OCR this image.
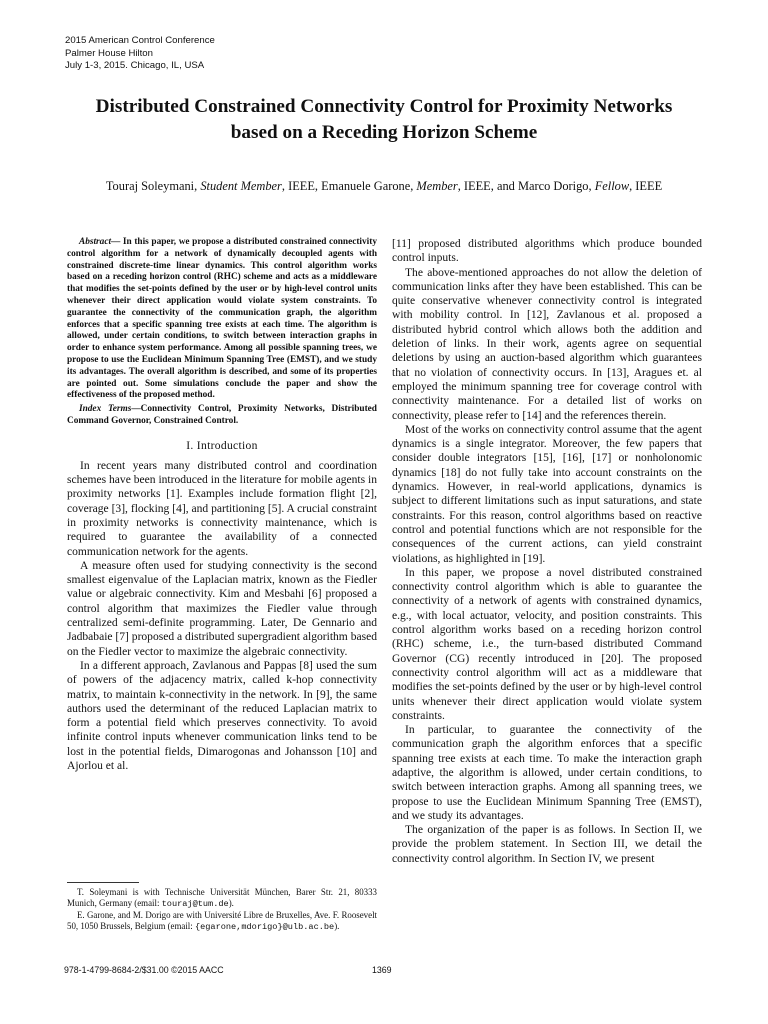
2015 American Control Conference
Palmer House Hilton
July 1-3, 2015. Chicago, IL, USA
Distributed Constrained Connectivity Control for Proximity Networks
based on a Receding Horizon Scheme
Touraj Soleymani, Student Member, IEEE, Emanuele Garone, Member, IEEE, and Marco Dorigo, Fellow, IEEE

Abstract— In this paper, we propose a distributed constrained connectivity control algorithm for a network of dynamically decoupled agents with constrained discrete-time linear dynamics. This control algorithm works based on a receding horizon control (RHC) scheme and acts as a middleware that modifies the set-points defined by the user or by high-level control units whenever their direct application would violate system constraints. To guarantee the connectivity of the communication graph, the algorithm enforces that a specific spanning tree exists at each time. The algorithm is allowed, under certain conditions, to switch between interaction graphs in order to enhance system performance. Among all possible spanning trees, we propose to use the Euclidean Minimum Spanning Tree (EMST), and we study its advantages. The overall algorithm is described, and some of its properties are pointed out. Some simulations conclude the paper and show the effectiveness of the proposed method.

Index Terms—Connectivity Control, Proximity Networks, Distributed Command Governor, Constrained Control.

I. Introduction

In recent years many distributed control and coordination schemes have been introduced in the literature for mobile agents in proximity networks [1]. Examples include formation flight [2], coverage [3], flocking [4], and partitioning [5]. A crucial constraint in proximity networks is connectivity maintenance, which is required to guarantee the availability of a connected communication network for the agents.

A measure often used for studying connectivity is the second smallest eigenvalue of the Laplacian matrix, known as the Fiedler value or algebraic connectivity. Kim and Mesbahi [6] proposed a control algorithm that maximizes the Fiedler value through centralized semi-definite programming. Later, De Gennario and Jadbabaie [7] proposed a distributed supergradient algorithm based on the Fiedler vector to maximize the algebraic connectivity.

In a different approach, Zavlanous and Pappas [8] used the sum of powers of the adjacency matrix, called k-hop connectivity matrix, to maintain k-connectivity in the network. In [9], the same authors used the determinant of the reduced Laplacian matrix to form a potential field which preserves connectivity. To avoid infinite control inputs whenever communication links tend to be lost in the potential fields, Dimarogonas and Johansson [10] and Ajorlou et al.

[11] proposed distributed algorithms which produce bounded control inputs.

The above-mentioned approaches do not allow the deletion of communication links after they have been established. This can be quite conservative whenever connectivity control is integrated with mobility control. In [12], Zavlanous et al. proposed a distributed hybrid control which allows both the addition and deletion of links. In their work, agents agree on sequential deletions by using an auction-based algorithm which guarantees that no violation of connectivity occurs. In [13], Aragues et. al employed the minimum spanning tree for coverage control with connectivity maintenance. For a detailed list of works on connectivity, please refer to [14] and the references therein.

Most of the works on connectivity control assume that the agent dynamics is a single integrator. Moreover, the few papers that consider double integrators [15], [16], [17] or nonholonomic dynamics [18] do not fully take into account constraints on the dynamics. However, in real-world applications, dynamics is subject to different limitations such as input saturations, and state constraints. For this reason, control algorithms based on reactive control and potential functions which are not responsible for the consequences of the current actions, can yield constraint violations, as highlighted in [19].

In this paper, we propose a novel distributed constrained connectivity control algorithm which is able to guarantee the connectivity of a network of agents with constrained dynamics, e.g., with local actuator, velocity, and position constraints. This control algorithm works based on a receding horizon control (RHC) scheme, i.e., the turn-based distributed Command Governor (CG) recently introduced in [20]. The proposed connectivity control algorithm will act as a middleware that modifies the set-points defined by the user or by high-level control units whenever their direct application would violate system constraints.

In particular, to guarantee the connectivity of the communication graph the algorithm enforces that a specific spanning tree exists at each time. To make the interaction graph adaptive, the algorithm is allowed, under certain conditions, to switch between interaction graphs. Among all spanning trees, we propose to use the Euclidean Minimum Spanning Tree (EMST), and we study its advantages.

The organization of the paper is as follows. In Section II, we provide the problem statement. In Section III, we detail the connectivity control algorithm. In Section IV, we present

T. Soleymani is with Technische Universität München, Barer Str. 21, 80333 Munich, Germany (email: touraj@tum.de).

E. Garone, and M. Dorigo are with Université Libre de Bruxelles, Ave. F. Roosevelt 50, 1050 Brussels, Belgium (email: {egarone,mdorigo}@ulb.ac.be).

978-1-4799-8684-2/$31.00 ©2015 AACC	1369
